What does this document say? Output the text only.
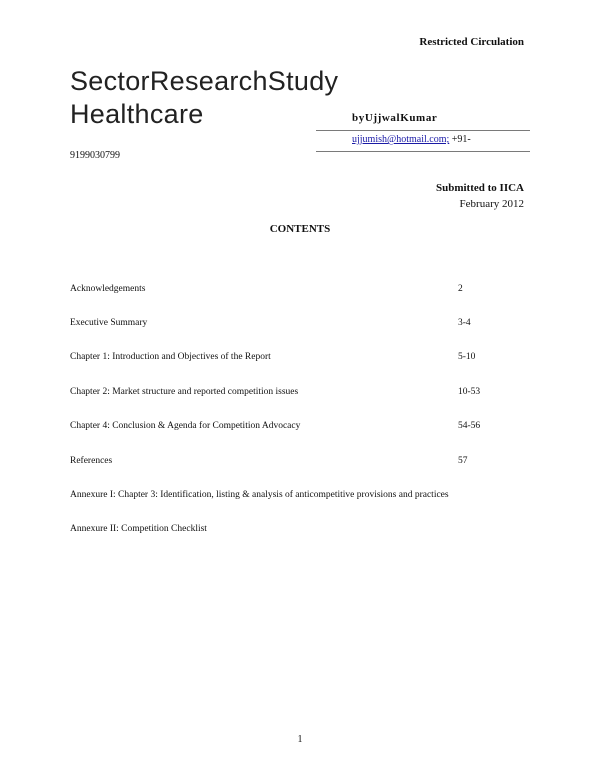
Restricted Circulation
SectorResearchStudy
Healthcare	byUjjwalKumar
ujjumish@hotmail.com; +91-
9199030799
Submitted to IICA
February 2012
CONTENTS
Acknowledgements	2
Executive Summary	3-4
Chapter 1: Introduction and Objectives of the Report	5-10
Chapter 2: Market structure and reported competition issues	10-53
Chapter 4: Conclusion & Agenda for Competition Advocacy	54-56
References	57
Annexure I: Chapter 3: Identification, listing & analysis of anticompetitive provisions and practices
Annexure II: Competition Checklist
1
